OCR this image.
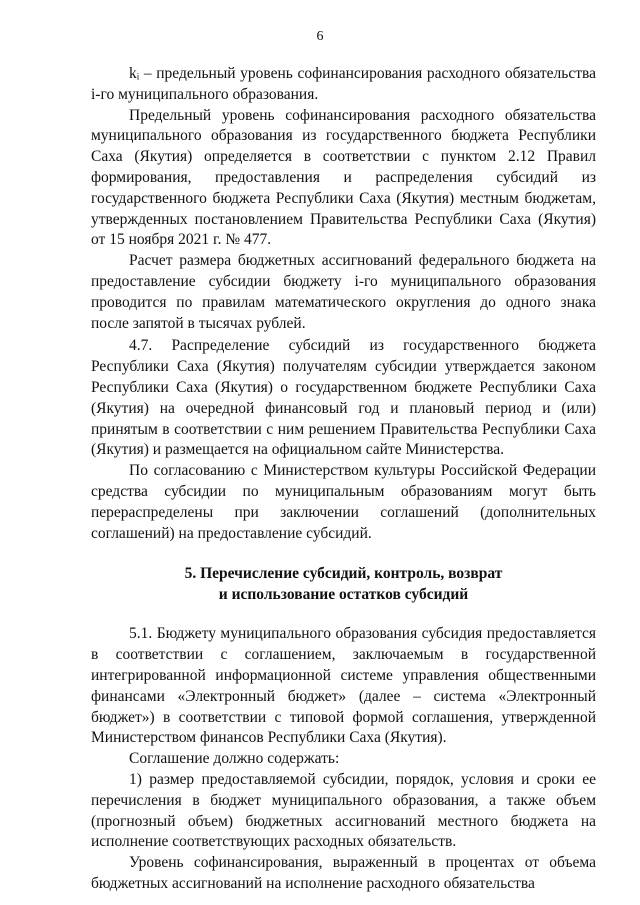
6

kᵢ – предельный уровень софинансирования расходного обязательства i-го муниципального образования.

Предельный уровень софинансирования расходного обязательства муниципального образования из государственного бюджета Республики Саха (Якутия) определяется в соответствии с пунктом 2.12 Правил формирования, предоставления и распределения субсидий из государственного бюджета Республики Саха (Якутия) местным бюджетам, утвержденных постановлением Правительства Республики Саха (Якутия) от 15 ноября 2021 г. № 477.

Расчет размера бюджетных ассигнований федерального бюджета на предоставление субсидии бюджету i-го муниципального образования проводится по правилам математического округления до одного знака после запятой в тысячах рублей.

4.7. Распределение субсидий из государственного бюджета Республики Саха (Якутия) получателям субсидии утверждается законом Республики Саха (Якутия) о государственном бюджете Республики Саха (Якутия) на очередной финансовый год и плановый период и (или) принятым в соответствии с ним решением Правительства Республики Саха (Якутия) и размещается на официальном сайте Министерства.

По согласованию с Министерством культуры Российской Федерации средства субсидии по муниципальным образованиям могут быть перераспределены при заключении соглашений (дополнительных соглашений) на предоставление субсидий.

5. Перечисление субсидий, контроль, возврат
и использование остатков субсидий

5.1. Бюджету муниципального образования субсидия предоставляется в соответствии с соглашением, заключаемым в государственной интегрированной информационной системе управления общественными финансами «Электронный бюджет» (далее – система «Электронный бюджет») в соответствии с типовой формой соглашения, утвержденной Министерством финансов Республики Саха (Якутия).

Соглашение должно содержать:

1) размер предоставляемой субсидии, порядок, условия и сроки ее перечисления в бюджет муниципального образования, а также объем (прогнозный объем) бюджетных ассигнований местного бюджета на исполнение соответствующих расходных обязательств.

Уровень софинансирования, выраженный в процентах от объема бюджетных ассигнований на исполнение расходного обязательства
